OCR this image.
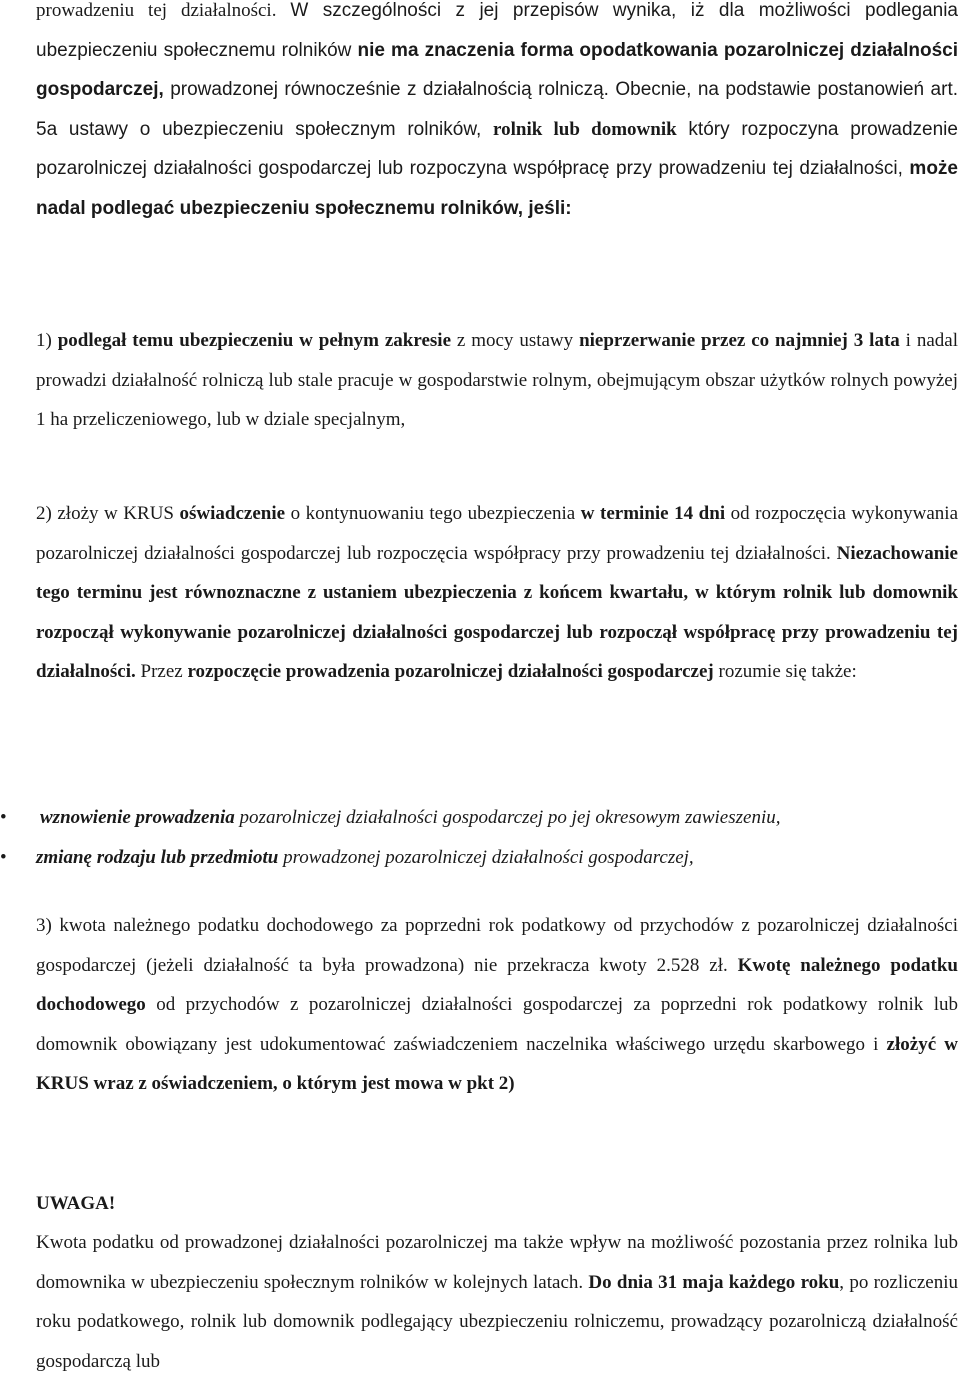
prowadzeniu tej działalności. W szczególności z jej przepisów wynika, iż dla możliwości podlegania ubezpieczeniu społecznemu rolników nie ma znaczenia forma opodatkowania pozarolniczej działalności gospodarczej, prowadzonej równocześnie z działalnością rolniczą. Obecnie, na podstawie postanowień art. 5a ustawy o ubezpieczeniu społecznym rolników, rolnik lub domownik który rozpoczyna prowadzenie pozarolniczej działalności gospodarczej lub rozpoczyna współpracę przy prowadzeniu tej działalności, może nadal podlegać ubezpieczeniu społecznemu rolników, jeśli:

1) podlegał temu ubezpieczeniu w pełnym zakresie z mocy ustawy nieprzerwanie przez co najmniej 3 lata i nadal prowadzi działalność rolniczą lub stale pracuje w gospodarstwie rolnym, obejmującym obszar użytków rolnych powyżej 1 ha przeliczeniowego, lub w dziale specjalnym,

2) złoży w KRUS oświadczenie o kontynuowaniu tego ubezpieczenia w terminie 14 dni od rozpoczęcia wykonywania pozarolniczej działalności gospodarczej lub rozpoczęcia współpracy przy prowadzeniu tej działalności. Niezachowanie tego terminu jest równoznaczne z ustaniem ubezpieczenia z końcem kwartału, w którym rolnik lub domownik rozpoczął wykonywanie pozarolniczej działalności gospodarczej lub rozpoczął współpracę przy prowadzeniu tej działalności. Przez rozpoczęcie prowadzenia pozarolniczej działalności gospodarczej rozumie się także:

• wznowienie prowadzenia pozarolniczej działalności gospodarczej po jej okresowym zawieszeniu,
• zmianę rodzaju lub przedmiotu prowadzonej pozarolniczej działalności gospodarczej,

3) kwota należnego podatku dochodowego za poprzedni rok podatkowy od przychodów z pozarolniczej działalności gospodarczej (jeżeli działalność ta była prowadzona) nie przekracza kwoty 2.528 zł. Kwotę należnego podatku dochodowego od przychodów z pozarolniczej działalności gospodarczej za poprzedni rok podatkowy rolnik lub domownik obowiązany jest udokumentować zaświadczeniem naczelnika właściwego urzędu skarbowego i złożyć w KRUS wraz z oświadczeniem, o którym jest mowa w pkt 2)

UWAGA!

Kwota podatku od prowadzonej działalności pozarolniczej ma także wpływ na możliwość pozostania przez rolnika lub domownika w ubezpieczeniu społecznym rolników w kolejnych latach. Do dnia 31 maja każdego roku, po rozliczeniu roku podatkowego, rolnik lub domownik podlegający ubezpieczeniu rolniczemu, prowadzący pozarolniczą działalność gospodarczą lub
